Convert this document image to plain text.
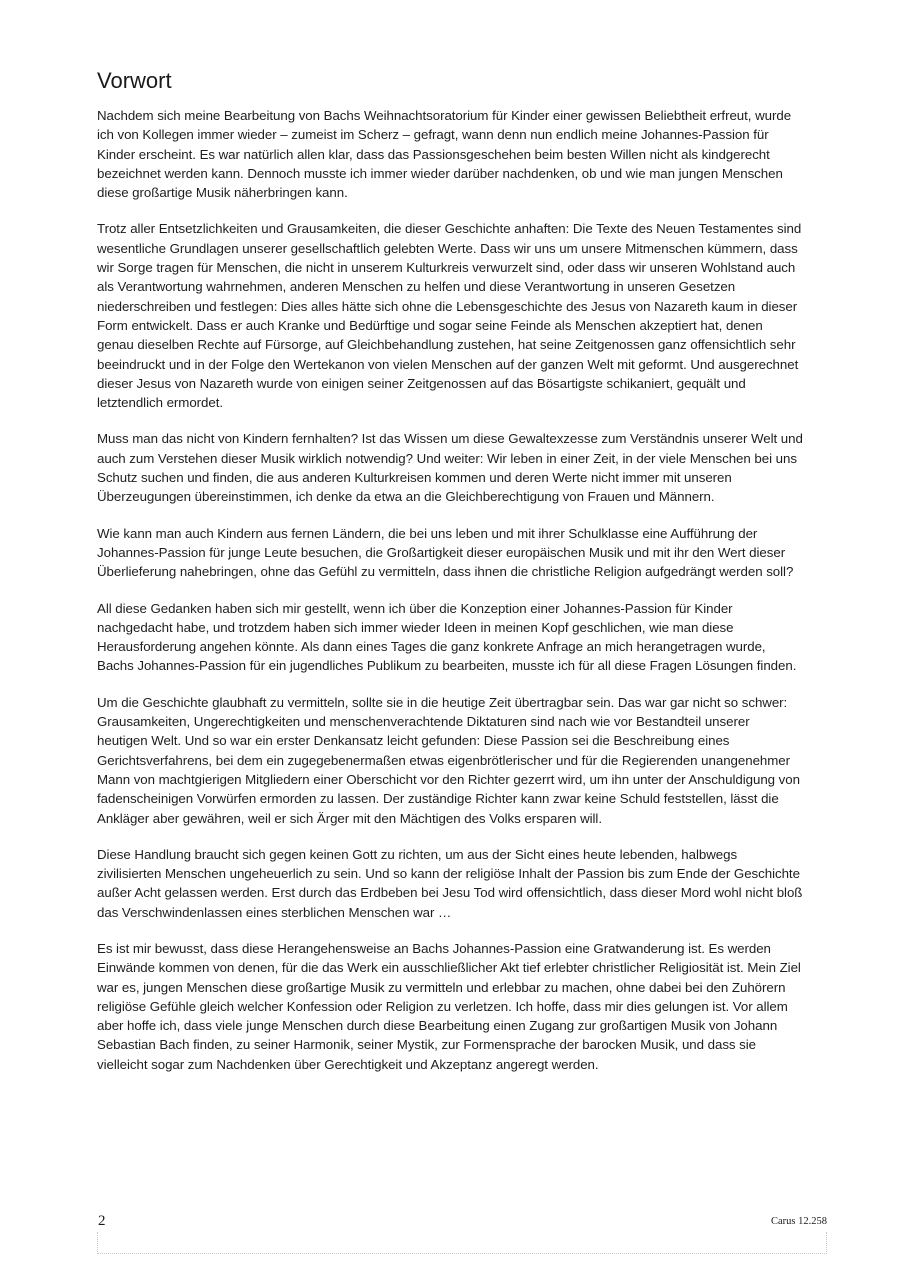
Vorwort

Nachdem sich meine Bearbeitung von Bachs Weihnachtsoratorium für Kinder einer gewissen Beliebtheit erfreut, wurde ich von Kollegen immer wieder – zumeist im Scherz – gefragt, wann denn nun endlich meine Johannes-Passion für Kinder erscheint. Es war natürlich allen klar, dass das Passionsgeschehen beim besten Willen nicht als kindgerecht bezeichnet werden kann. Dennoch musste ich immer wieder darüber nachdenken, ob und wie man jungen Menschen diese großartige Musik näherbringen kann.

Trotz aller Entsetzlichkeiten und Grausamkeiten, die dieser Geschichte anhaften: Die Texte des Neuen Testamentes sind wesentliche Grundlagen unserer gesellschaftlich gelebten Werte. Dass wir uns um unsere Mitmenschen kümmern, dass wir Sorge tragen für Menschen, die nicht in unserem Kulturkreis verwurzelt sind, oder dass wir unseren Wohlstand auch als Verantwortung wahrnehmen, anderen Menschen zu helfen und diese Verantwortung in unseren Gesetzen niederschreiben und festlegen: Dies alles hätte sich ohne die Lebensgeschichte des Jesus von Nazareth kaum in dieser Form entwickelt. Dass er auch Kranke und Bedürftige und sogar seine Feinde als Menschen akzeptiert hat, denen genau dieselben Rechte auf Fürsorge, auf Gleichbehandlung zustehen, hat seine Zeitgenossen ganz offensichtlich sehr beeindruckt und in der Folge den Wertekanon von vielen Menschen auf der ganzen Welt mit geformt. Und ausgerechnet dieser Jesus von Nazareth wurde von einigen seiner Zeitgenossen auf das Bösartigste schikaniert, gequält und letztendlich ermordet.

Muss man das nicht von Kindern fernhalten? Ist das Wissen um diese Gewaltexzesse zum Verständnis unserer Welt und auch zum Verstehen dieser Musik wirklich notwendig? Und weiter: Wir leben in einer Zeit, in der viele Menschen bei uns Schutz suchen und finden, die aus anderen Kulturkreisen kommen und deren Werte nicht immer mit unseren Überzeugungen übereinstimmen, ich denke da etwa an die Gleichberechtigung von Frauen und Männern.

Wie kann man auch Kindern aus fernen Ländern, die bei uns leben und mit ihrer Schulklasse eine Aufführung der Johannes-Passion für junge Leute besuchen, die Großartigkeit dieser europäischen Musik und mit ihr den Wert dieser Überlieferung nahebringen, ohne das Gefühl zu vermitteln, dass ihnen die christliche Religion aufgedrängt werden soll?

All diese Gedanken haben sich mir gestellt, wenn ich über die Konzeption einer Johannes-Passion für Kinder nachgedacht habe, und trotzdem haben sich immer wieder Ideen in meinen Kopf geschlichen, wie man diese Herausforderung angehen könnte. Als dann eines Tages die ganz konkrete Anfrage an mich herangetragen wurde, Bachs Johannes-Passion für ein jugendliches Publikum zu bearbeiten, musste ich für all diese Fragen Lösungen finden.

Um die Geschichte glaubhaft zu vermitteln, sollte sie in die heutige Zeit übertragbar sein. Das war gar nicht so schwer: Grausamkeiten, Ungerechtigkeiten und menschenverachtende Diktaturen sind nach wie vor Bestandteil unserer heutigen Welt. Und so war ein erster Denkansatz leicht gefunden: Diese Passion sei die Beschreibung eines Gerichtsverfahrens, bei dem ein zugegebenermaßen etwas eigenbrötlerischer und für die Regierenden unangenehmer Mann von machtgierigen Mitgliedern einer Oberschicht vor den Richter gezerrt wird, um ihn unter der Anschuldigung von fadenscheinigen Vorwürfen ermorden zu lassen. Der zuständige Richter kann zwar keine Schuld feststellen, lässt die Ankläger aber gewähren, weil er sich Ärger mit den Mächtigen des Volks ersparen will.

Diese Handlung braucht sich gegen keinen Gott zu richten, um aus der Sicht eines heute lebenden, halbwegs zivilisierten Menschen ungeheuerlich zu sein. Und so kann der religiöse Inhalt der Passion bis zum Ende der Geschichte außer Acht gelassen werden. Erst durch das Erdbeben bei Jesu Tod wird offensichtlich, dass dieser Mord wohl nicht bloß das Verschwindenlassen eines sterblichen Menschen war …

Es ist mir bewusst, dass diese Herangehensweise an Bachs Johannes-Passion eine Gratwanderung ist. Es werden Einwände kommen von denen, für die das Werk ein ausschließlicher Akt tief erlebter christlicher Religiosität ist. Mein Ziel war es, jungen Menschen diese großartige Musik zu vermitteln und erlebbar zu machen, ohne dabei bei den Zuhörern religiöse Gefühle gleich welcher Konfession oder Religion zu verletzen. Ich hoffe, dass mir dies gelungen ist. Vor allem aber hoffe ich, dass viele junge Menschen durch diese Bearbeitung einen Zugang zur großartigen Musik von Johann Sebastian Bach finden, zu seiner Harmonik, seiner Mystik, zur Formensprache der barocken Musik, und dass sie vielleicht sogar zum Nachdenken über Gerechtigkeit und Akzeptanz angeregt werden.

2	Carus 12.258
